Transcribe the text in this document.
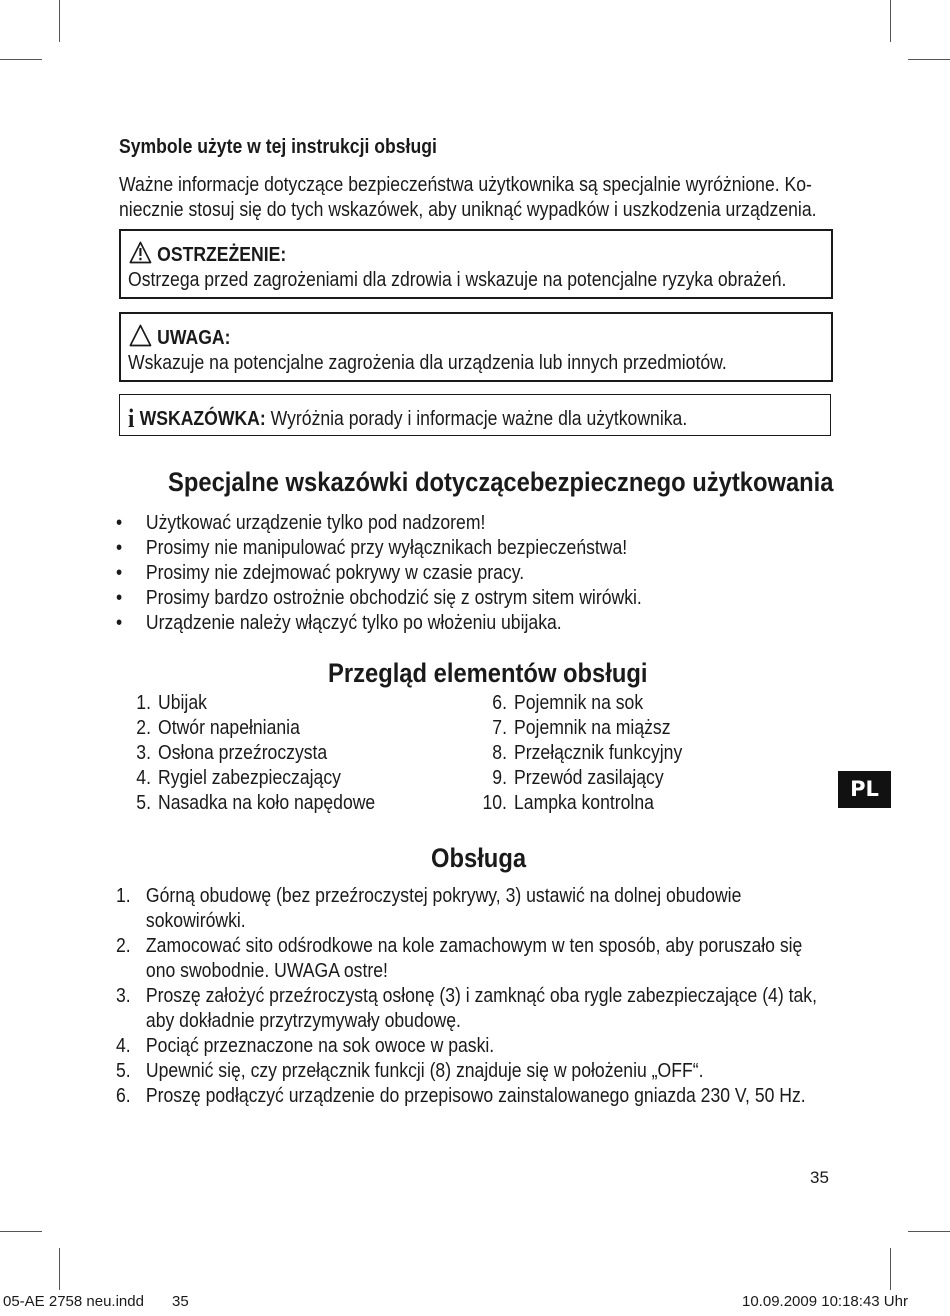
Symbole użyte w tej instrukcji obsługi
Ważne informacje dotyczące bezpieczeństwa użytkownika są specjalnie wyróżnione. Ko-
niecznie stosuj się do tych wskazówek, aby uniknąć wypadków i uszkodzenia urządzenia.
OSTRZEŻENIE:
Ostrzega przed zagrożeniami dla zdrowia i wskazuje na potencjalne ryzyka obrażeń.
UWAGA:
Wskazuje na potencjalne zagrożenia dla urządzenia lub innych przedmiotów.
i WSKAZÓWKA: Wyróżnia porady i informacje ważne dla użytkownika.
Specjalne wskazówki dotyczącebezpiecznego użytkowania
• Użytkować urządzenie tylko pod nadzorem!
• Prosimy nie manipulować przy wyłącznikach bezpieczeństwa!
• Prosimy nie zdejmować pokrywy w czasie pracy.
• Prosimy bardzo ostrożnie obchodzić się z ostrym sitem wirówki.
• Urządzenie należy włączyć tylko po włożeniu ubijaka.
Przegląd elementów obsługi
1. Ubijak
2. Otwór napełniania
3. Osłona przeźroczysta
4. Rygiel zabezpieczający
5. Nasadka na koło napędowe
6. Pojemnik na sok
7. Pojemnik na miąższ
8. Przełącznik funkcyjny
9. Przewód zasilający
10. Lampka kontrolna
PL
Obsługa
1. Górną obudowę (bez przeźroczystej pokrywy, 3) ustawić na dolnej obudowie
sokowirówki.
2. Zamocować sito odśrodkowe na kole zamachowym w ten sposób, aby poruszało się
ono swobodnie. UWAGA ostre!
3. Proszę założyć przeźroczystą osłonę (3) i zamknąć oba rygle zabezpieczające (4) tak,
aby dokładnie przytrzymywały obudowę.
4. Pociąć przeznaczone na sok owoce w paski.
5. Upewnić się, czy przełącznik funkcji (8) znajduje się w położeniu „OFF“.
6. Proszę podłączyć urządzenie do przepisowo zainstalowanego gniazda 230 V, 50 Hz.
35
05-AE 2758 neu.indd 35	10.09.2009 10:18:43 Uhr
